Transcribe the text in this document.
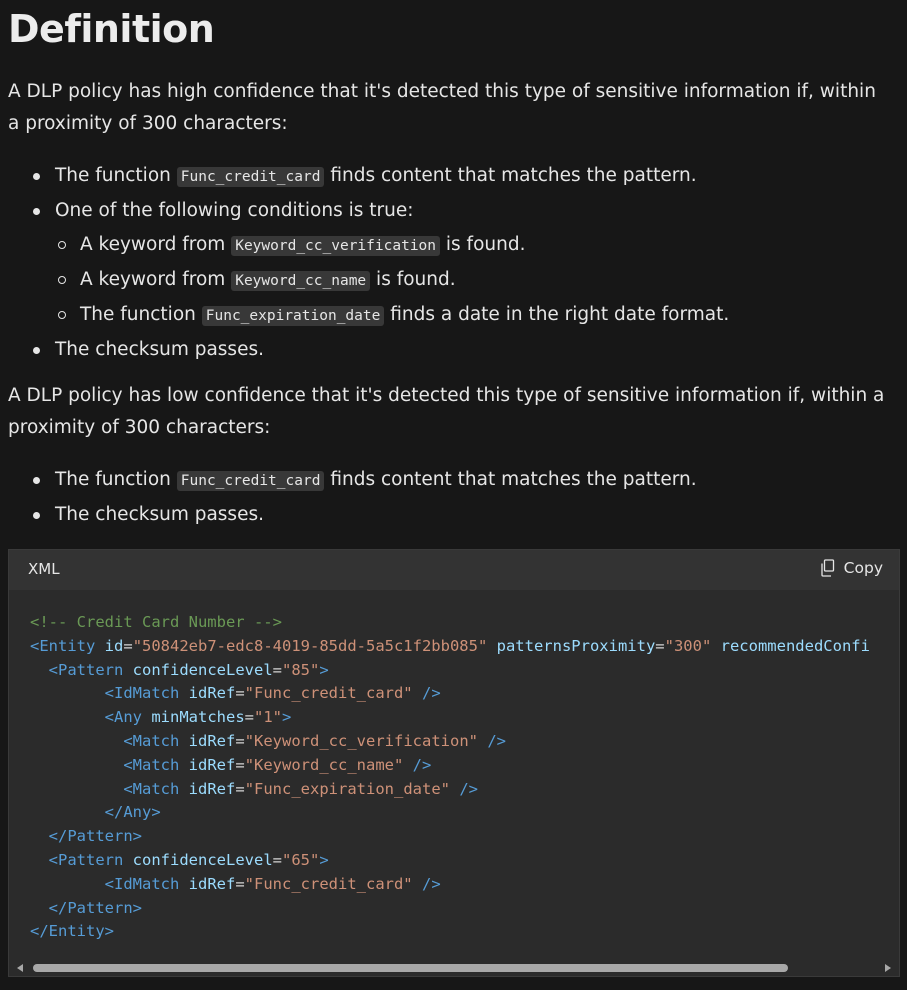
Definition

A DLP policy has high confidence that it's detected this type of sensitive information if, within a proximity of 300 characters:

The function Func_credit_card finds content that matches the pattern.
One of the following conditions is true:
A keyword from Keyword_cc_verification is found.
A keyword from Keyword_cc_name is found.
The function Func_expiration_date finds a date in the right date format.
The checksum passes.

A DLP policy has low confidence that it's detected this type of sensitive information if, within a proximity of 300 characters:

The function Func_credit_card finds content that matches the pattern.
The checksum passes.
XML	Copy
<!-- Credit Card Number -->
<Entity id="50842eb7-edc8-4019-85dd-5a5c1f2bb085" patternsProximity="300" recommendedConfi
<Pattern confidenceLevel="85">
<IdMatch idRef="Func_credit_card" />
<Any minMatches="1">
<Match idRef="Keyword_cc_verification" />
<Match idRef="Keyword_cc_name" />
<Match idRef="Func_expiration_date" />
</Any>
</Pattern>
<Pattern confidenceLevel="65">
<IdMatch idRef="Func_credit_card" />
</Pattern>
</Entity>
